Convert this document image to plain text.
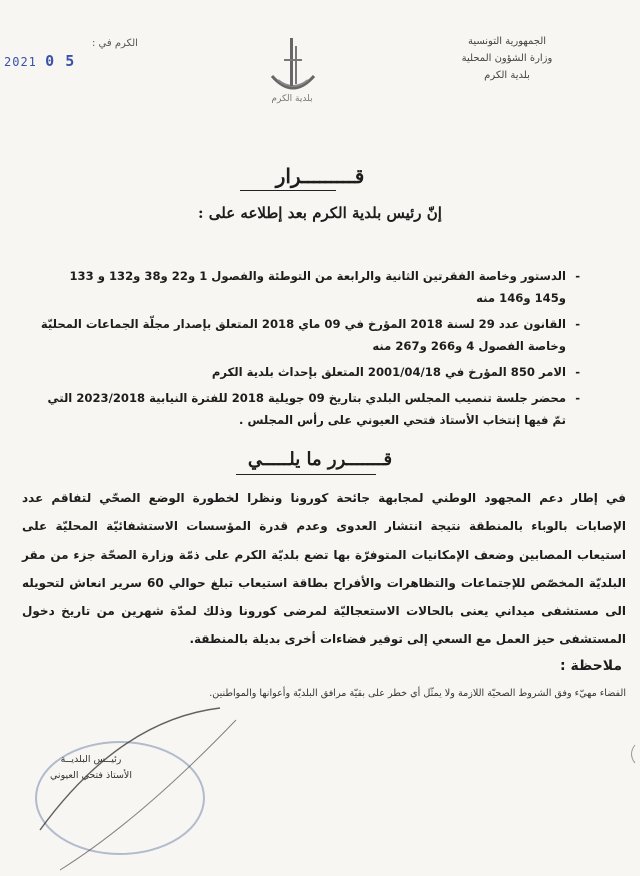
الجمهورية التونسية
وزارة الشؤون المحلية
بلدية الكرم
الكرم في :
2021 0 5
بلدية الكرم
قـــــــــرار
إنّ رئيس بلدية الكرم بعد إطلاعه على :
-
الدستور وخاصة الفقرتين الثانية والرابعة من التوطئة والفصول 1 و22 و38 و132 و 133 و145 و146 منه
-
القانون عدد 29 لسنة 2018 المؤرخ في 09 ماي 2018 المتعلق بإصدار مجلّة الجماعات المحليّة وخاصة الفصول 4 و266 و267 منه
-
الامر 850 المؤرخ في 2001/04/18 المتعلق بإحداث بلدية الكرم
-
محضر جلسة تنصيب المجلس البلدي بتاريخ 09 جويلية 2018 للفترة النيابية 2023/2018 التي تمّ فيها إنتخاب الأستاذ فتحي العيوني على رأس المجلس .
قـــــــرر ما يلـــــي
في إطار دعم المجهود الوطني لمجابهة جائحة كورونا ونظرا لخطورة الوضع الصحّي لتفاقم عدد الإصابات بالوباء بالمنطقة نتيجة انتشار العدوى وعدم قدرة المؤسسات الاستشفائيّة المحليّة على استيعاب المصابين وضعف الإمكانيات المتوفرّة بها تضع بلديّة الكرم على ذمّة وزارة الصحّة جزء من مقر البلديّة المخصّص للإجتماعات والتظاهرات والأفراح بطاقة استيعاب تبلغ حوالي 60 سرير انعاش لتحويله الى مستشفى ميداني يعنى بالحالات الاستعجاليّة لمرضى كورونا وذلك لمدّة شهرين من تاريخ دخول المستشفى حيز العمل مع السعي إلى توفير فضاءات أخرى بديلة بالمنطقة.
ملاحظة :
الفضاء مهيّء وفق الشروط الصحيّة اللازمة ولا يمثّل أي خطر على بقيّة مرافق البلديّة وأعوانها والمواطنين.
رئيــس البلديــة
الأستاذ فتحي العيوني
